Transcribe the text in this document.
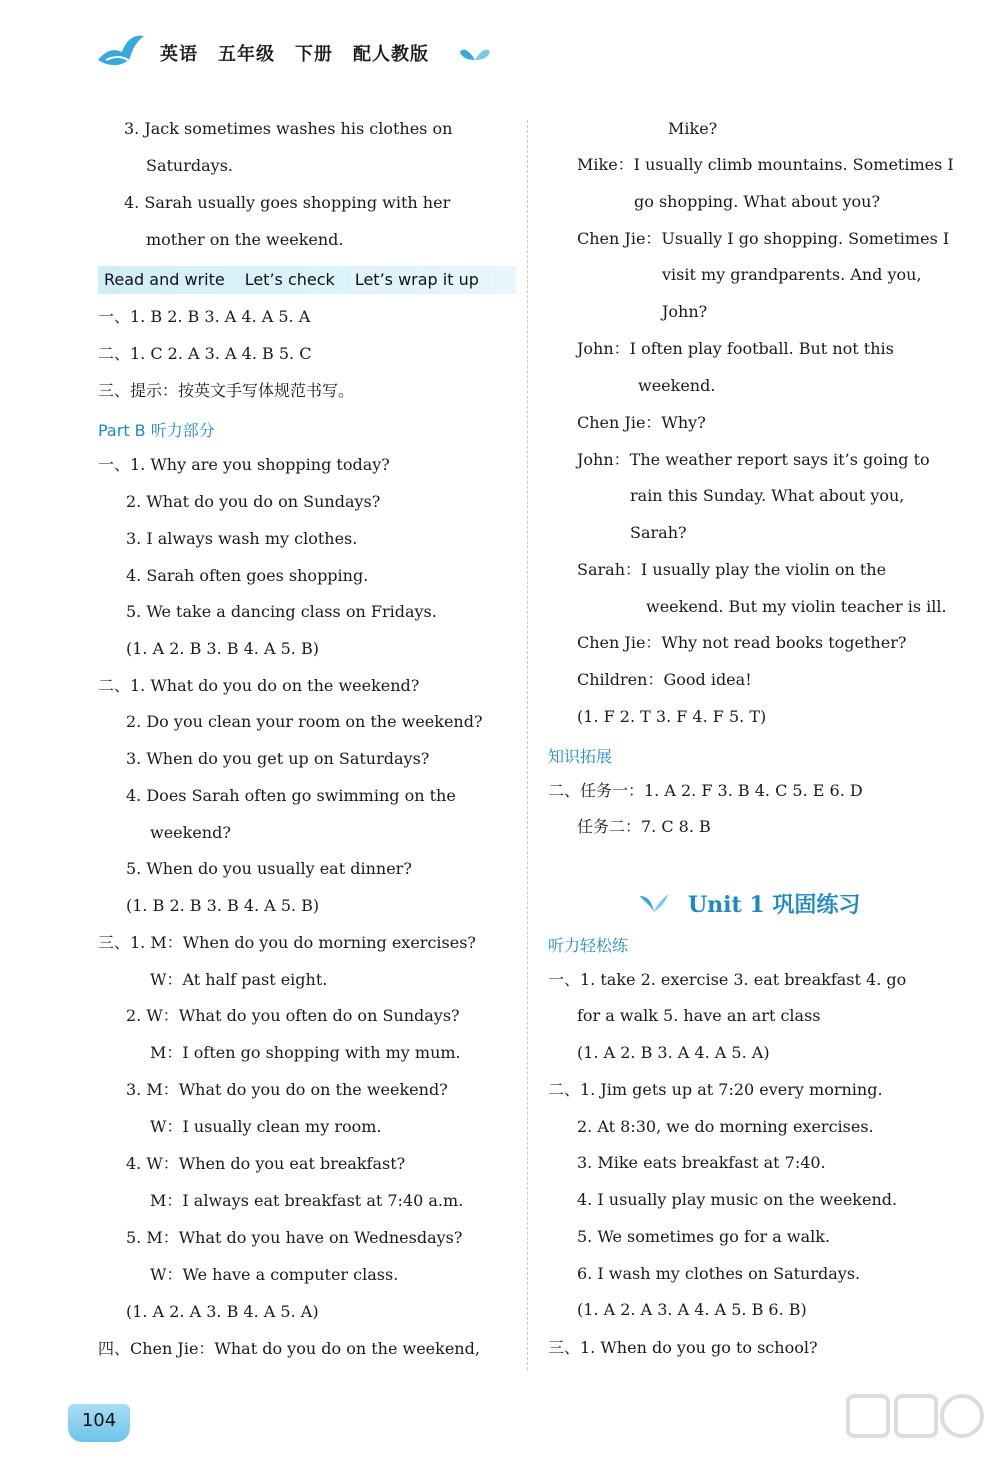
英语 五年级 下册 配人教版
3. Jack sometimes washes his clothes on
Saturdays.
4. Sarah usually goes shopping with her
mother on the weekend.
Read and write Let’s check Let’s wrap it up
一、1. B 2. B 3. A 4. A 5. A
二、1. C 2. A 3. A 4. B 5. C
三、提示：按英文手写体规范书写。
Part B 听力部分
一、1. Why are you shopping today?
2. What do you do on Sundays?
3. I always wash my clothes.
4. Sarah often goes shopping.
5. We take a dancing class on Fridays.
(1. A 2. B 3. B 4. A 5. B)
二、1. What do you do on the weekend?
2. Do you clean your room on the weekend?
3. When do you get up on Saturdays?
4. Does Sarah often go swimming on the
weekend?
5. When do you usually eat dinner?
(1. B 2. B 3. B 4. A 5. B)
三、1. M：When do you do morning exercises?
W：At half past eight.
2. W：What do you often do on Sundays?
M：I often go shopping with my mum.
3. M：What do you do on the weekend?
W：I usually clean my room.
4. W：When do you eat breakfast?
M：I always eat breakfast at 7:40 a.m.
5. M：What do you have on Wednesdays?
W：We have a computer class.
(1. A 2. A 3. B 4. A 5. A)
四、Chen Jie：What do you do on the weekend,
Mike?
Mike：I usually climb mountains. Sometimes I
go shopping. What about you?
Chen Jie：Usually I go shopping. Sometimes I
visit my grandparents. And you,
John?
John：I often play football. But not this
weekend.
Chen Jie：Why?
John：The weather report says it’s going to
rain this Sunday. What about you,
Sarah?
Sarah：I usually play the violin on the
weekend. But my violin teacher is ill.
Chen Jie：Why not read books together?
Children：Good idea!
(1. F 2. T 3. F 4. F 5. T)
知识拓展
二、任务一：1. A 2. F 3. B 4. C 5. E 6. D
任务二：7. C 8. B
Unit 1 巩固练习
听力轻松练
一、1. take 2. exercise 3. eat breakfast 4. go
for a walk 5. have an art class
(1. A 2. B 3. A 4. A 5. A)
二、1. Jim gets up at 7:20 every morning.
2. At 8:30, we do morning exercises.
3. Mike eats breakfast at 7:40.
4. I usually play music on the weekend.
5. We sometimes go for a walk.
6. I wash my clothes on Saturdays.
(1. A 2. A 3. A 4. A 5. B 6. B)
三、1. When do you go to school?
104
